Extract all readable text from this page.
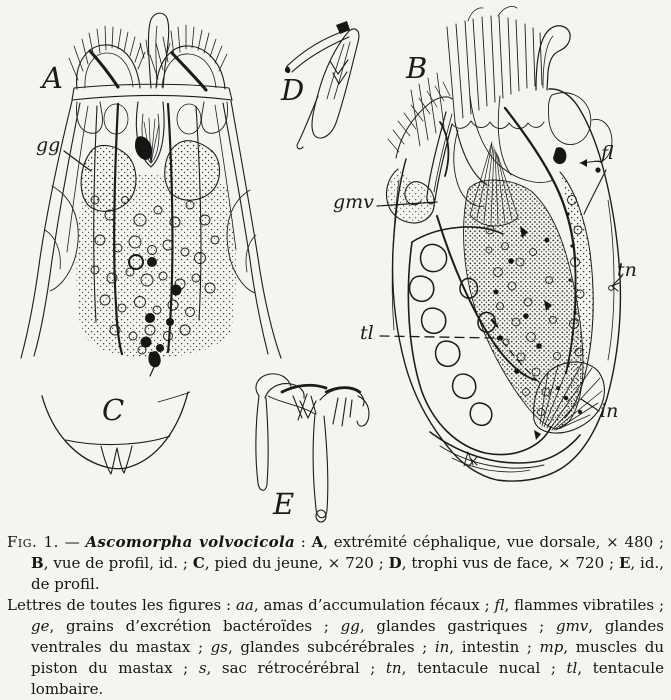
A	B
C
D
E
gg
gmv
fl
tn
tl
in

Fig. 1. — Ascomorpha volvocicola : A, extrémité céphalique, vue dorsale, × 480 ; B, vue de profil, id. ; C, pied du jeune, × 720 ; D, trophi vus de face, × 720 ; E, id., de profil.

Lettres de toutes les figures : aa, amas d’accumulation fécaux ; fl, flammes vibratiles ; ge, grains d’excrétion bactéroïdes ; gg, glandes gastriques ; gmv, glandes ventrales du mastax ; gs, glandes subcérébrales ; in, intestin ; mp, muscles du piston du mastax ; s, sac rétrocérébral ; tn, tentacule nucal ; tl, tentacule lombaire.
